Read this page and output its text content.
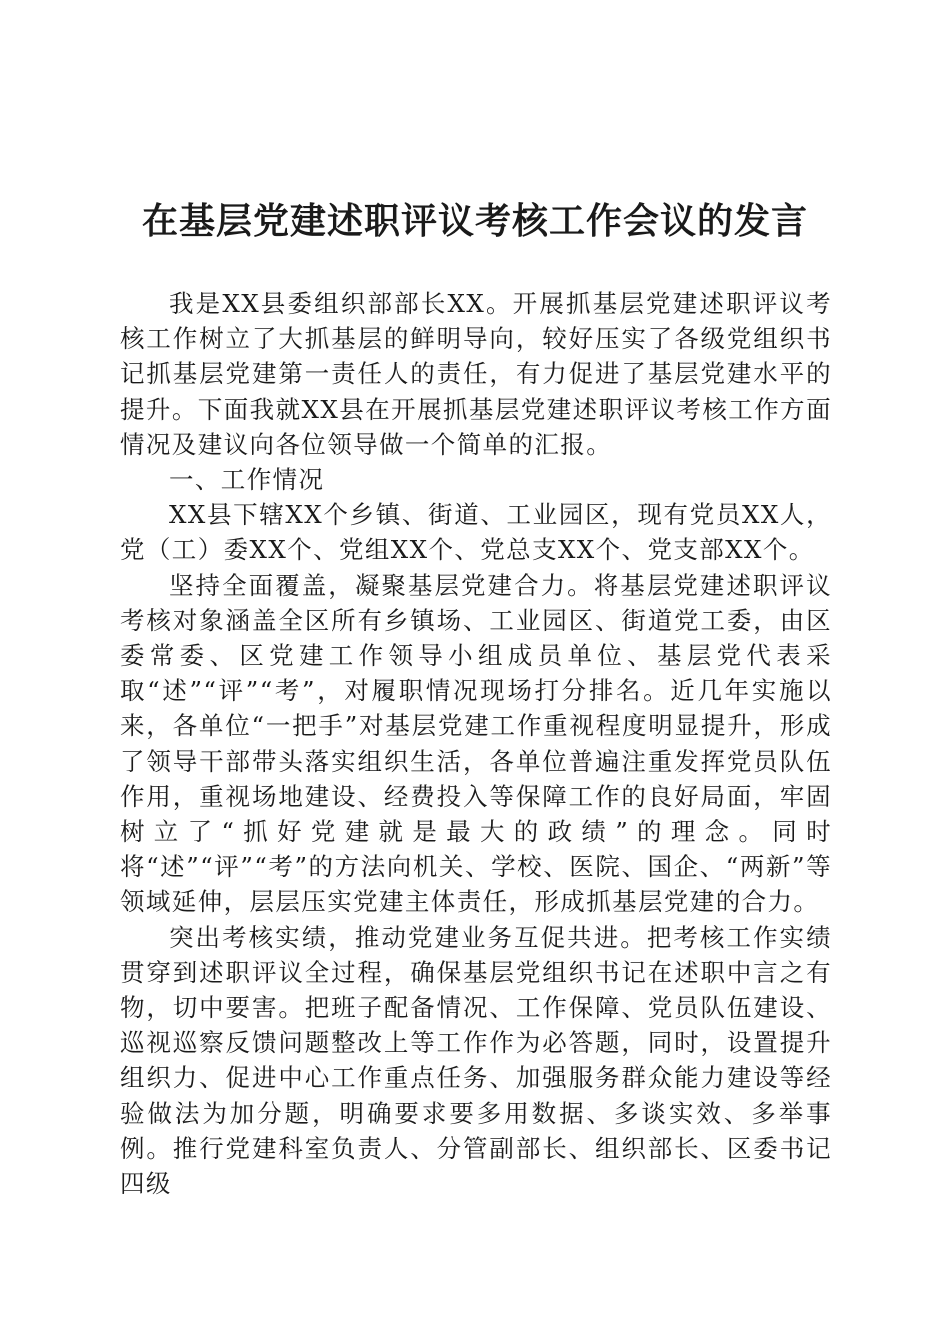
在基层党建述职评议考核工作会议的发言

我是XX县委组织部部长XX。开展抓基层党建述职评议考核工作树立了大抓基层的鲜明导向，较好压实了各级党组织书记抓基层党建第一责任人的责任，有力促进了基层党建水平的提升。下面我就XX县在开展抓基层党建述职评议考核工作方面情况及建议向各位领导做一个简单的汇报。

一、工作情况

XX县下辖XX个乡镇、街道、工业园区，现有党员XX人，党（工）委XX个、党组XX个、党总支XX个、党支部XX个。

坚持全面覆盖，凝聚基层党建合力。将基层党建述职评议考核对象涵盖全区所有乡镇场、工业园区、街道党工委，由区委常委、区党建工作领导小组成员单位、基层党代表采取“述”“评”“考”，对履职情况现场打分排名。近几年实施以来，各单位“一把手”对基层党建工作重视程度明显提升，形成了领导干部带头落实组织生活，各单位普遍注重发挥党员队伍作用，重视场地建设、经费投入等保障工作的良好局面，牢固树立了“抓好党建就是最大的政绩”的理念。同时将“述”“评”“考”的方法向机关、学校、医院、国企、“两新”等领域延伸，层层压实党建主体责任，形成抓基层党建的合力。

突出考核实绩，推动党建业务互促共进。把考核工作实绩贯穿到述职评议全过程，确保基层党组织书记在述职中言之有物，切中要害。把班子配备情况、工作保障、党员队伍建设、巡视巡察反馈问题整改上等工作作为必答题，同时，设置提升组织力、促进中心工作重点任务、加强服务群众能力建设等经验做法为加分题，明确要求要多用数据、多谈实效、多举事例。推行党建科室负责人、分管副部长、组织部长、区委书记四级
